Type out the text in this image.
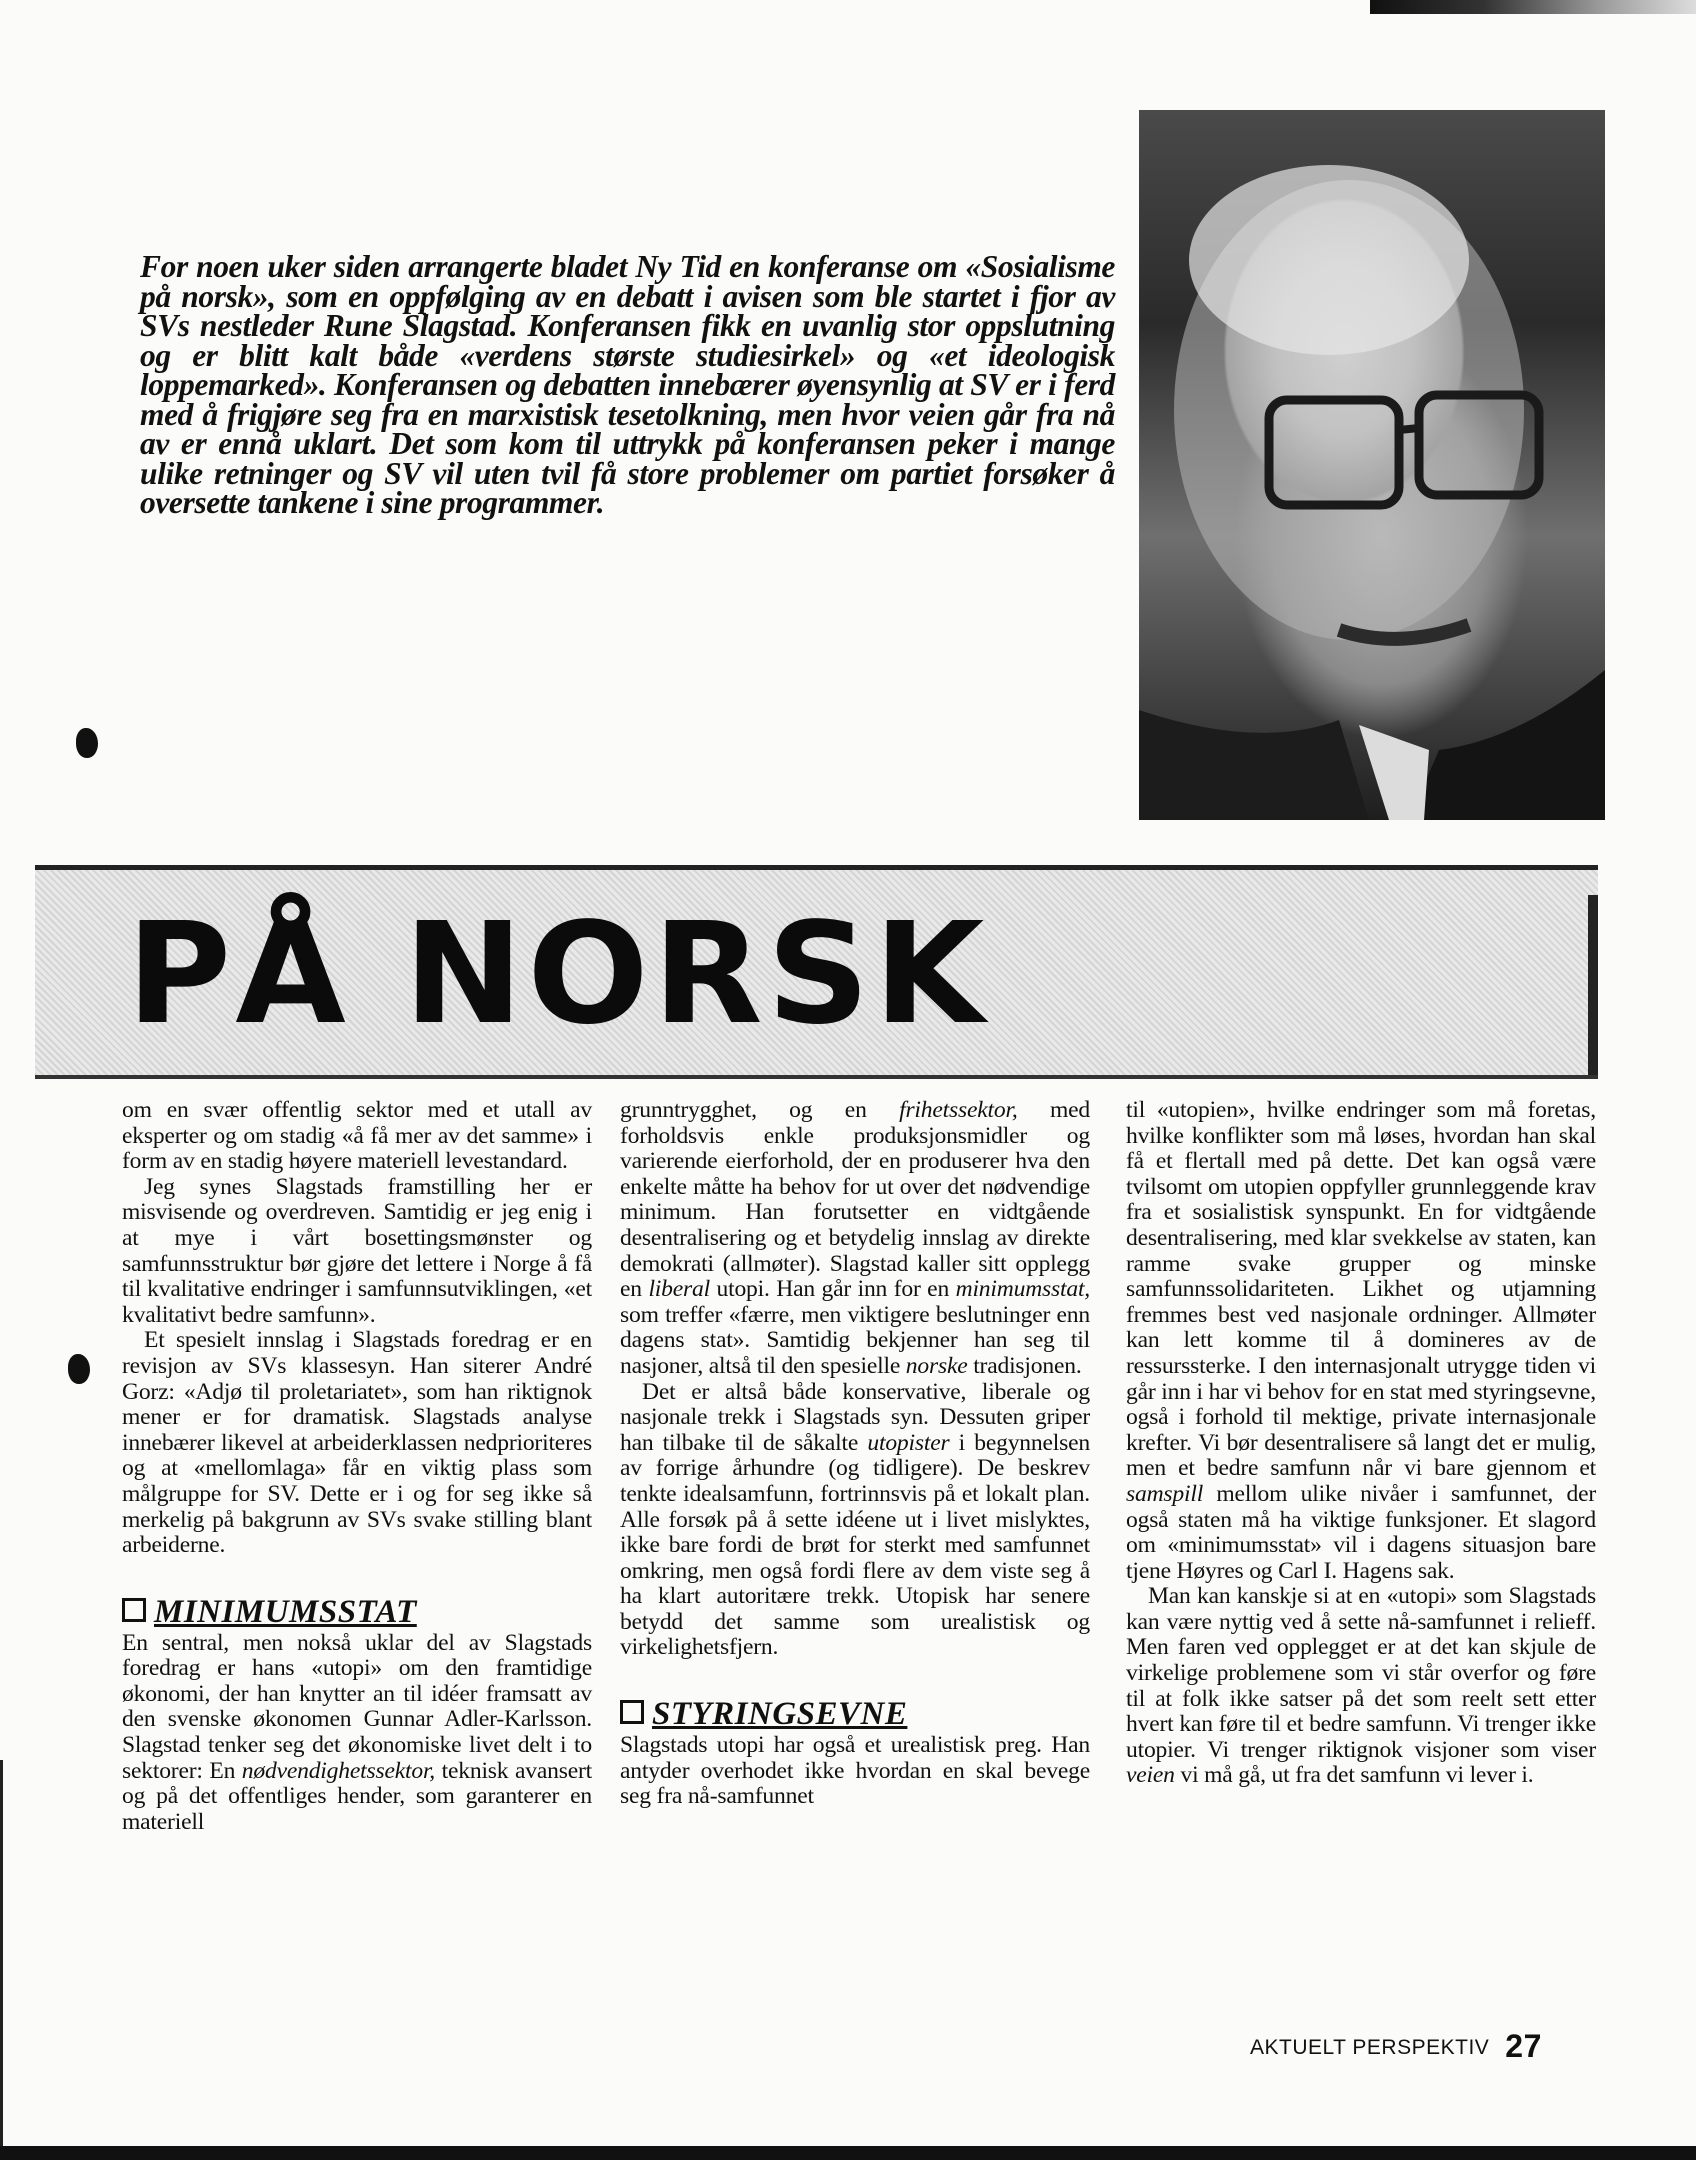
For noen uker siden arrangerte bladet Ny Tid en konferanse om «Sosialisme på norsk», som en oppfølging av en debatt i avisen som ble startet i fjor av SVs nestleder Rune Slagstad. Konferansen fikk en uvanlig stor oppslutning og er blitt kalt både «verdens største studiesirkel» og «et ideologisk loppemarked». Konferansen og debatten innebærer øyensynlig at SV er i ferd med å frigjøre seg fra en marxistisk tesetolkning, men hvor veien går fra nå av er ennå uklart. Det som kom til uttrykk på konferansen peker i mange ulike retninger og SV vil uten tvil få store problemer om partiet forsøker å oversette tankene i sine programmer.

PÅ NORSK

om en svær offentlig sektor med et utall av eksperter og om stadig «å få mer av det samme» i form av en stadig høyere materiell levestandard.

Jeg synes Slagstads framstilling her er misvisende og overdreven. Samtidig er jeg enig i at mye i vårt bosettingsmønster og samfunnsstruktur bør gjøre det lettere i Norge å få til kvalitative endringer i samfunnsutviklingen, «et kvalitativt bedre samfunn».

Et spesielt innslag i Slagstads foredrag er en revisjon av SVs klassesyn. Han siterer André Gorz: «Adjø til proletariatet», som han riktignok mener er for dramatisk. Slagstads analyse innebærer likevel at arbeiderklassen nedprioriteres og at «mellomlaga» får en viktig plass som målgruppe for SV. Dette er i og for seg ikke så merkelig på bakgrunn av SVs svake stilling blant arbeiderne.

MINIMUMSSTAT

En sentral, men nokså uklar del av Slagstads foredrag er hans «utopi» om den framtidige økonomi, der han knytter an til idéer framsatt av den svenske økonomen Gunnar Adler-Karlsson. Slagstad tenker seg det økonomiske livet delt i to sektorer: En nødvendighetssektor, teknisk avansert og på det offentliges hender, som garanterer en materiell

grunntrygghet, og en frihetssektor, med forholdsvis enkle produksjonsmidler og varierende eierforhold, der en produserer hva den enkelte måtte ha behov for ut over det nødvendige minimum. Han forutsetter en vidtgående desentralisering og et betydelig innslag av direkte demokrati (allmøter). Slagstad kaller sitt opplegg en liberal utopi. Han går inn for en minimumsstat, som treffer «færre, men viktigere beslutninger enn dagens stat». Samtidig bekjenner han seg til nasjoner, altså til den spesielle norske tradisjonen.

Det er altså både konservative, liberale og nasjonale trekk i Slagstads syn. Dessuten griper han tilbake til de såkalte utopister i begynnelsen av forrige århundre (og tidligere). De beskrev tenkte idealsamfunn, fortrinnsvis på et lokalt plan. Alle forsøk på å sette idéene ut i livet mislyktes, ikke bare fordi de brøt for sterkt med samfunnet omkring, men også fordi flere av dem viste seg å ha klart autoritære trekk. Utopisk har senere betydd det samme som urealistisk og virkelighetsfjern.

STYRINGSEVNE

Slagstads utopi har også et urealistisk preg. Han antyder overhodet ikke hvordan en skal bevege seg fra nå-samfunnet

til «utopien», hvilke endringer som må foretas, hvilke konflikter som må løses, hvordan han skal få et flertall med på dette. Det kan også være tvilsomt om utopien oppfyller grunnleggende krav fra et sosialistisk synspunkt. En for vidtgående desentralisering, med klar svekkelse av staten, kan ramme svake grupper og minske samfunnssolidariteten. Likhet og utjamning fremmes best ved nasjonale ordninger. Allmøter kan lett komme til å domineres av de ressurssterke. I den internasjonalt utrygge tiden vi går inn i har vi behov for en stat med styringsevne, også i forhold til mektige, private internasjonale krefter. Vi bør desentralisere så langt det er mulig, men et bedre samfunn når vi bare gjennom et samspill mellom ulike nivåer i samfunnet, der også staten må ha viktige funksjoner. Et slagord om «minimumsstat» vil i dagens situasjon bare tjene Høyres og Carl I. Hagens sak.

Man kan kanskje si at en «utopi» som Slagstads kan være nyttig ved å sette nå-samfunnet i relieff. Men faren ved opplegget er at det kan skjule de virkelige problemene som vi står overfor og føre til at folk ikke satser på det som reelt sett etter hvert kan føre til et bedre samfunn. Vi trenger ikke utopier. Vi trenger riktignok visjoner som viser veien vi må gå, ut fra det samfunn vi lever i.

AKTUELT PERSPEKTIV 27
